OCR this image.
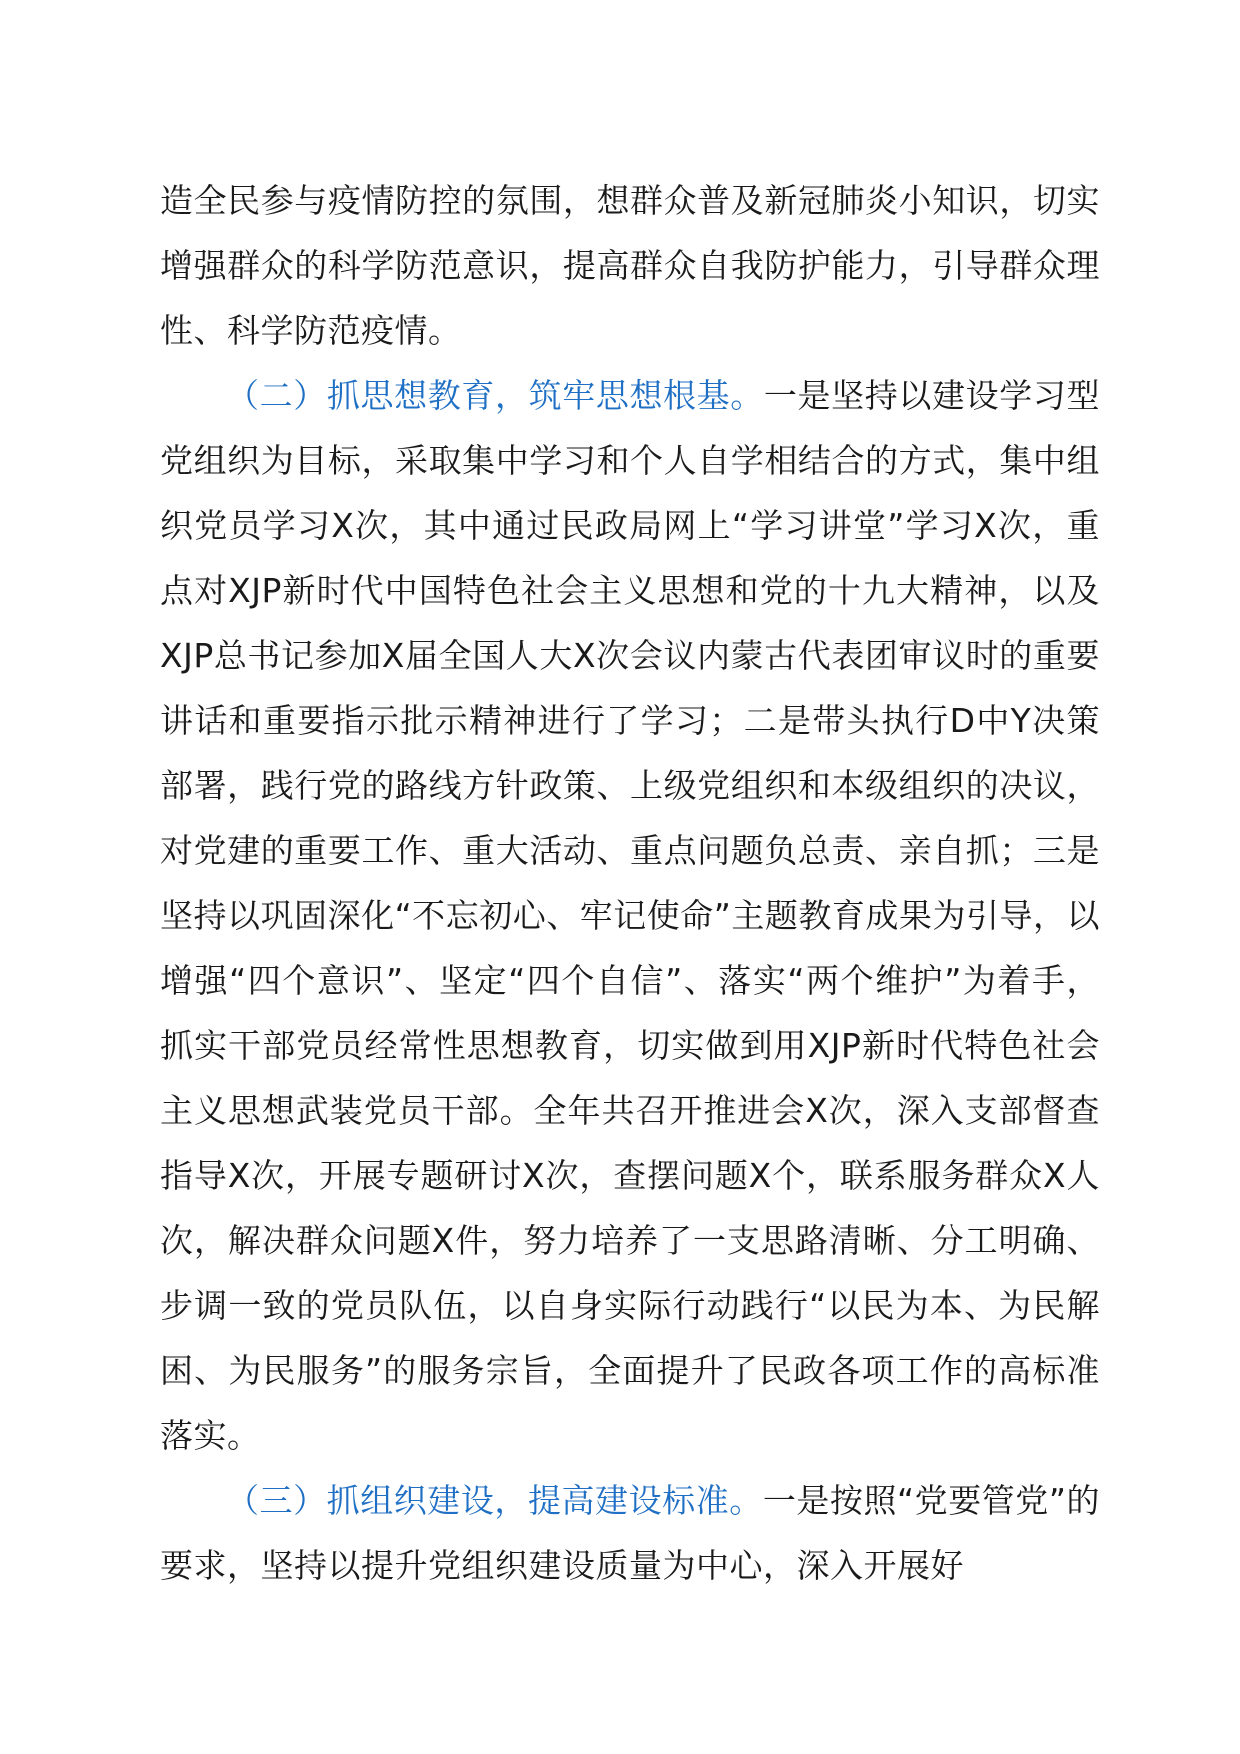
造全民参与疫情防控的氛围，想群众普及新冠肺炎小知识，切实增强群众的科学防范意识，提高群众自我防护能力，引导群众理性、科学防范疫情。

（二）抓思想教育，筑牢思想根基。一是坚持以建设学习型党组织为目标，采取集中学习和个人自学相结合的方式，集中组织党员学习X次，其中通过民政局网上“学习讲堂”学习X次，重点对XJP新时代中国特色社会主义思想和党的十九大精神，以及XJP总书记参加X届全国人大X次会议内蒙古代表团审议时的重要讲话和重要指示批示精神进行了学习；二是带头执行D中Y决策部署，践行党的路线方针政策、上级党组织和本级组织的决议，对党建的重要工作、重大活动、重点问题负总责、亲自抓；三是坚持以巩固深化“不忘初心、牢记使命”主题教育成果为引导，以增强“四个意识”、坚定“四个自信”、落实“两个维护”为着手，抓实干部党员经常性思想教育，切实做到用XJP新时代特色社会主义思想武装党员干部。全年共召开推进会X次，深入支部督查指导X次，开展专题研讨X次，查摆问题X个，联系服务群众X人次，解决群众问题X件，努力培养了一支思路清晰、分工明确、步调一致的党员队伍，以自身实际行动践行“以民为本、为民解困、为民服务”的服务宗旨，全面提升了民政各项工作的高标准落实。

（三）抓组织建设，提高建设标准。一是按照“党要管党”的要求，坚持以提升党组织建设质量为中心，深入开展好
